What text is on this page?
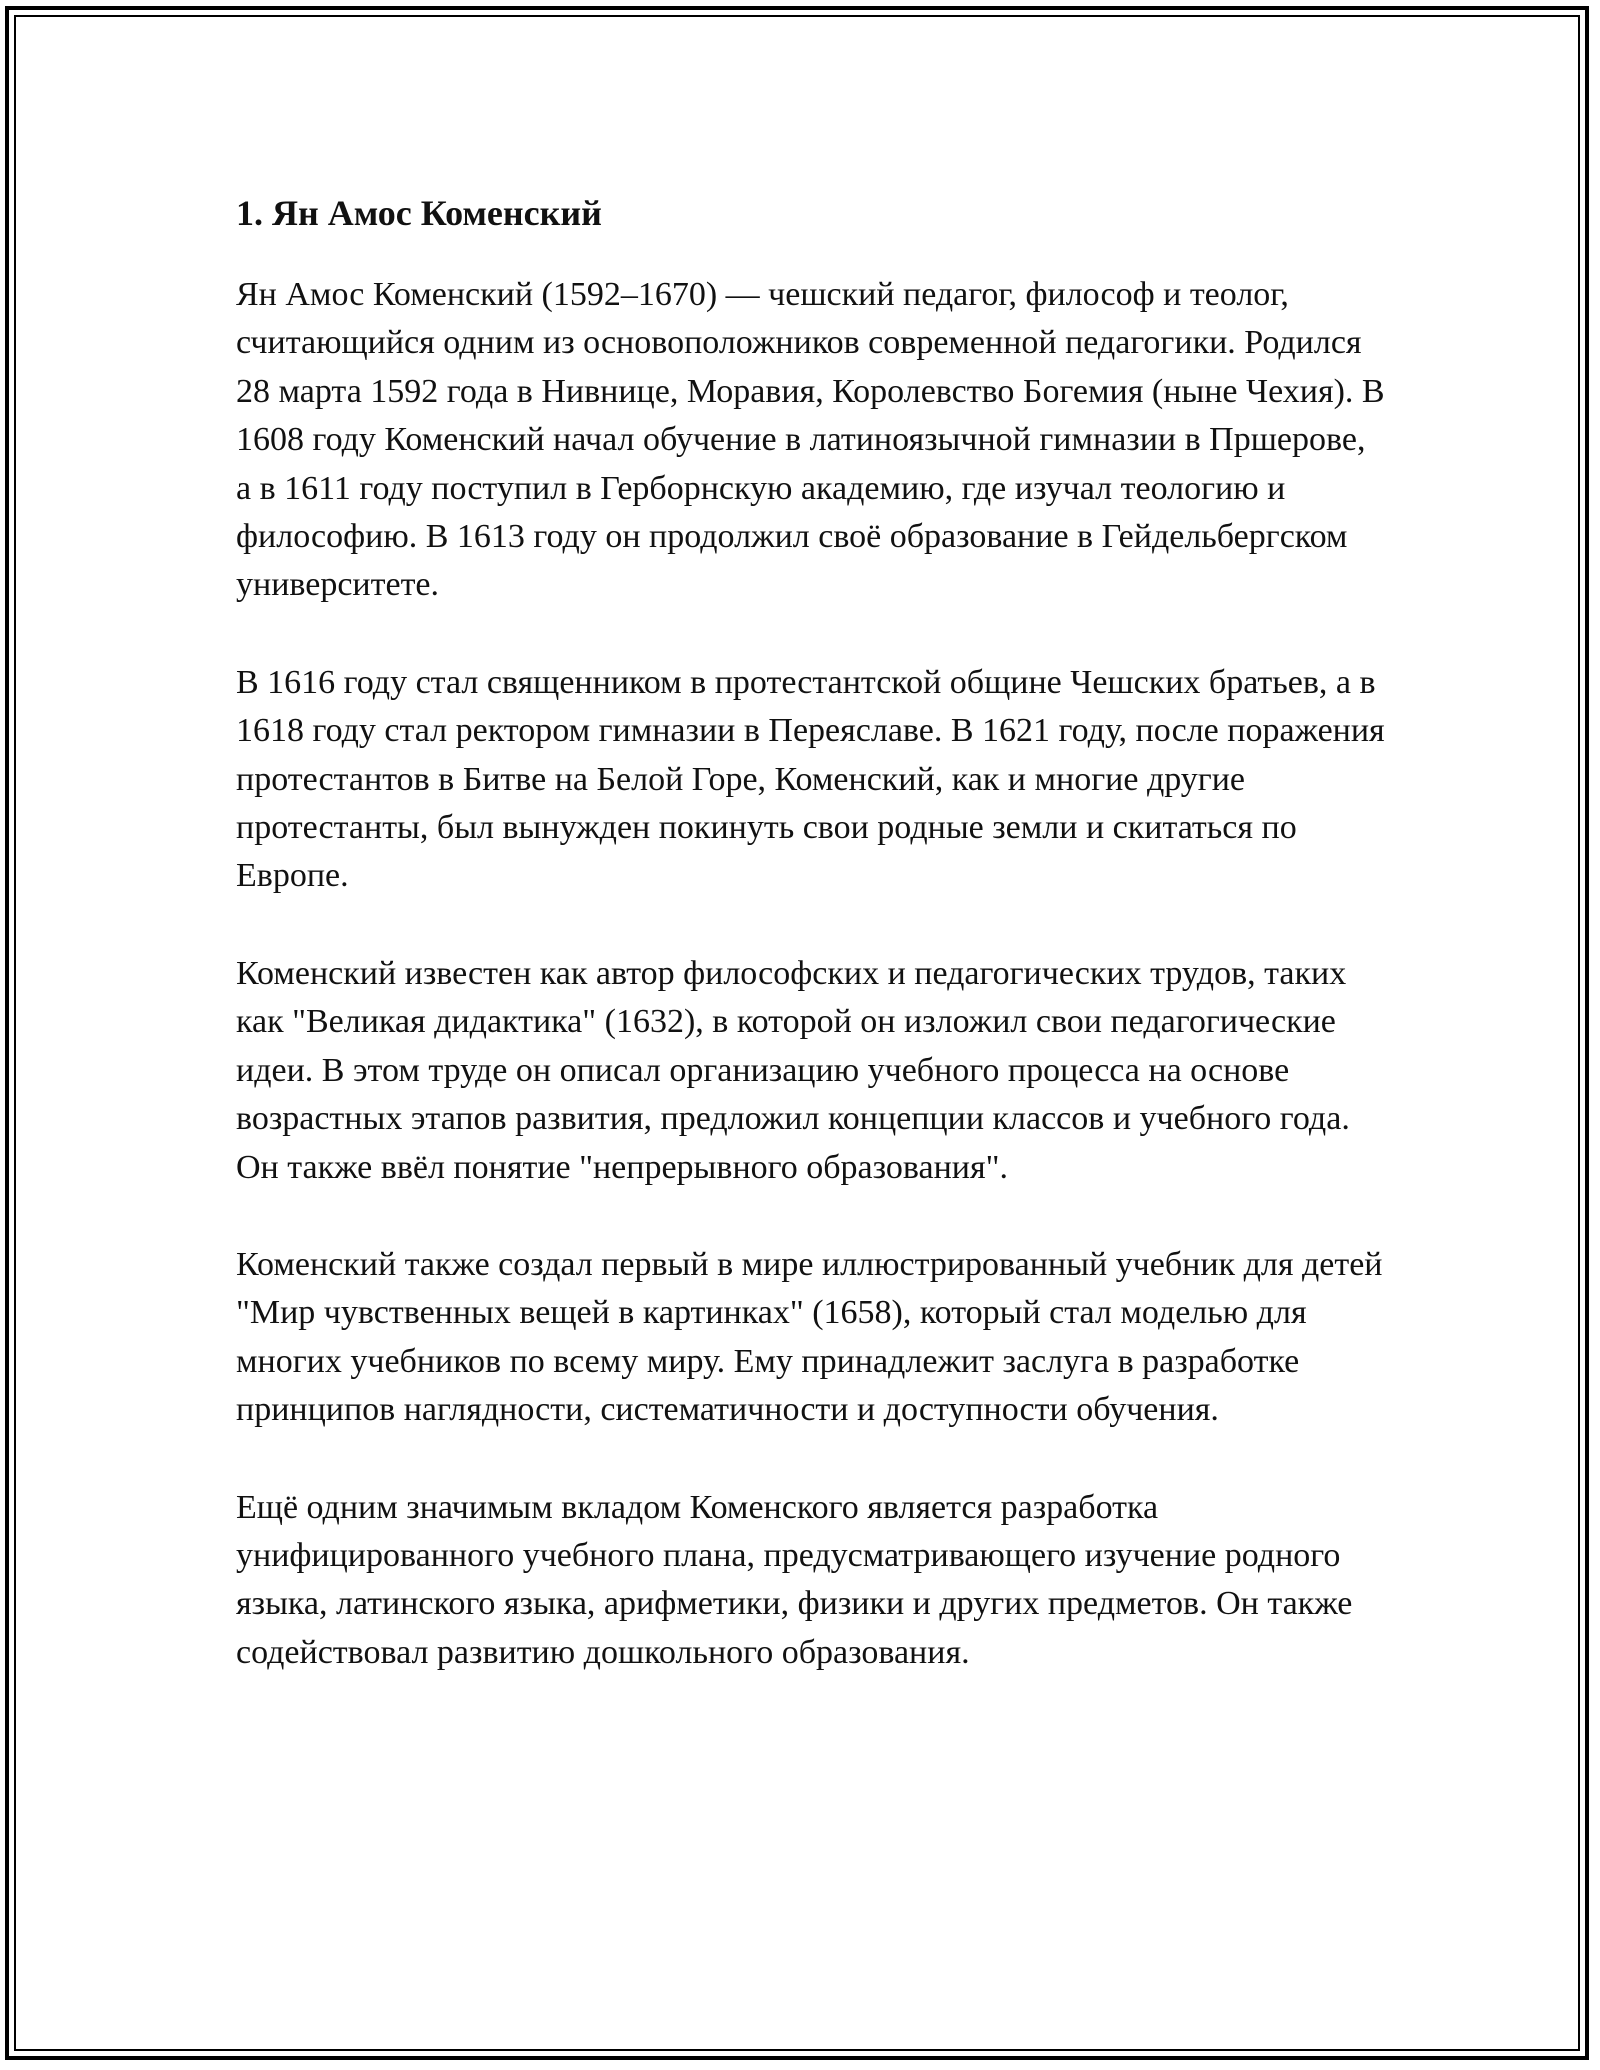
1. Ян Амос Коменский

Ян Амос Коменский (1592–1670) — чешский педагог, философ и теолог, считающийся одним из основоположников современной педагогики. Родился 28 марта 1592 года в Нивнице, Моравия, Королевство Богемия (ныне Чехия). В 1608 году Коменский начал обучение в латиноязычной гимназии в Пршерове, а в 1611 году поступил в Герборнскую академию, где изучал теологию и философию. В 1613 году он продолжил своё образование в Гейдельбергском университете.

В 1616 году стал священником в протестантской общине Чешских братьев, а в 1618 году стал ректором гимназии в Переяславе. В 1621 году, после поражения протестантов в Битве на Белой Горе, Коменский, как и многие другие протестанты, был вынужден покинуть свои родные земли и скитаться по Европе.

Коменский известен как автор философских и педагогических трудов, таких как "Великая дидактика" (1632), в которой он изложил свои педагогические идеи. В этом труде он описал организацию учебного процесса на основе возрастных этапов развития, предложил концепции классов и учебного года. Он также ввёл понятие "непрерывного образования".

Коменский также создал первый в мире иллюстрированный учебник для детей "Мир чувственных вещей в картинках" (1658), который стал моделью для многих учебников по всему миру. Ему принадлежит заслуга в разработке принципов наглядности, систематичности и доступности обучения.

Ещё одним значимым вкладом Коменского является разработка унифицированного учебного плана, предусматривающего изучение родного языка, латинского языка, арифметики, физики и других предметов. Он также содействовал развитию дошкольного образования.
